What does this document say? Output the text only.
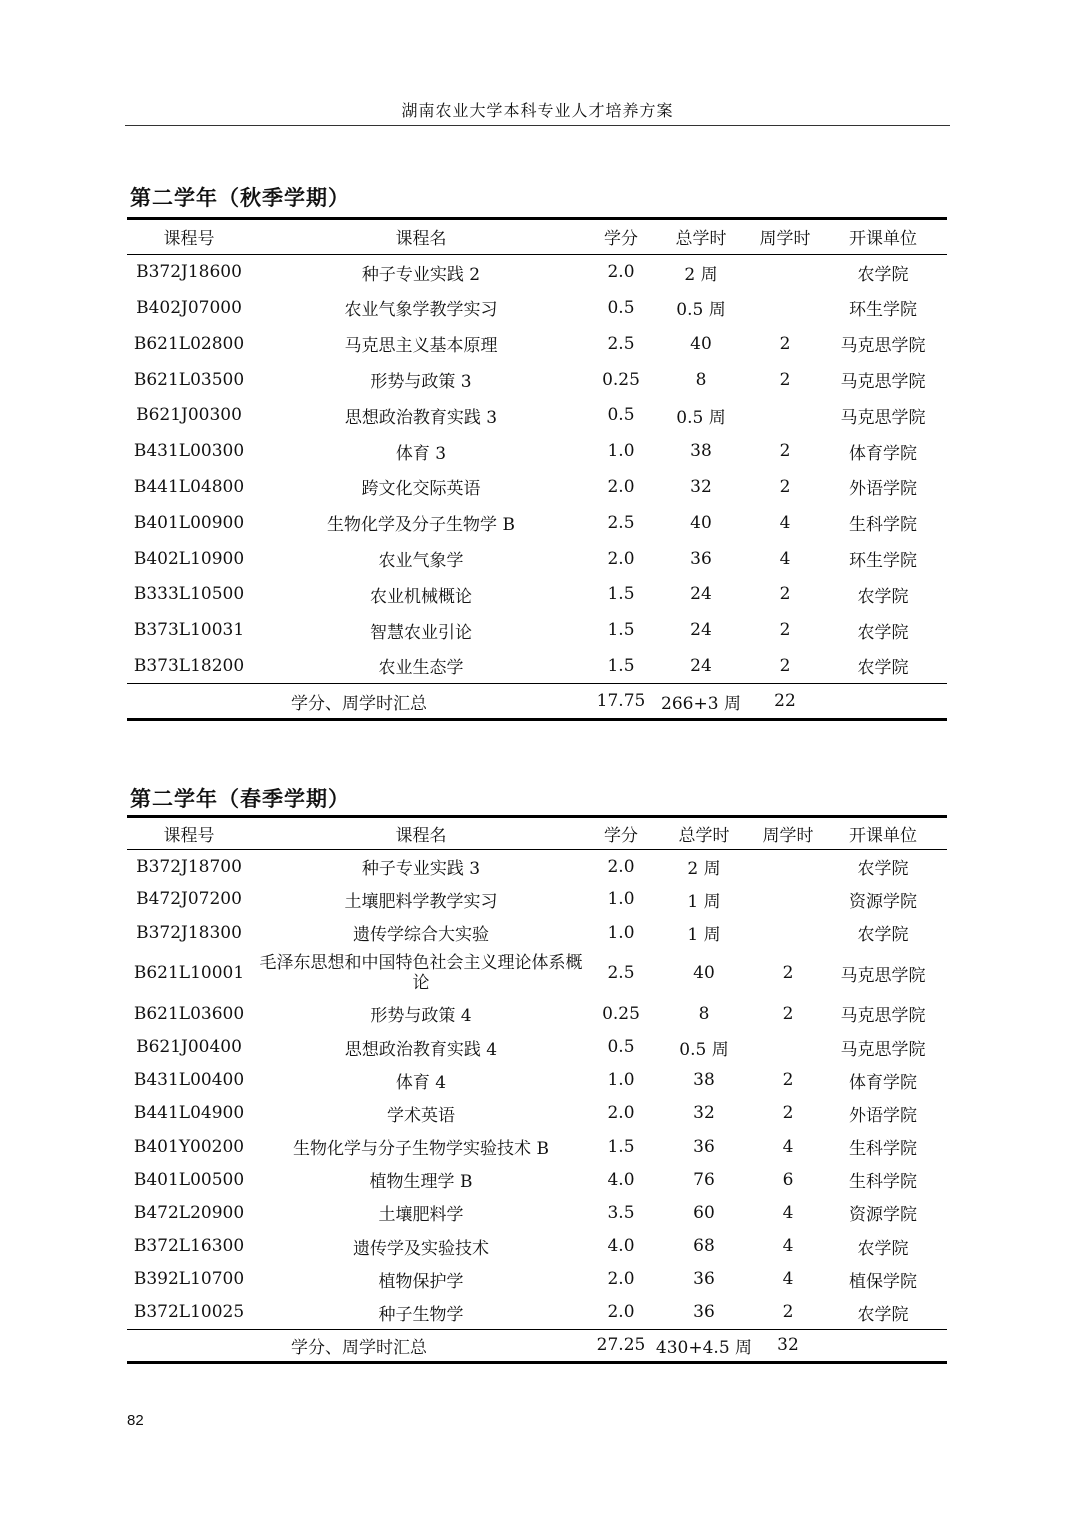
湖南农业大学本科专业人才培养方案
第二学年（秋季学期）
课程号	课程名	学分	总学时	周学时	开课单位
B372J18600	种子专业实践 2	2.0	2 周		农学院
B402J07000	农业气象学教学实习	0.5	0.5 周		环生学院
B621L02800	马克思主义基本原理	2.5	40	2	马克思学院
B621L03500	形势与政策 3	0.25	8	2	马克思学院
B621J00300	思想政治教育实践 3	0.5	0.5 周		马克思学院
B431L00300	体育 3	1.0	38	2	体育学院
B441L04800	跨文化交际英语	2.0	32	2	外语学院
B401L00900	生物化学及分子生物学 B	2.5	40	4	生科学院
B402L10900	农业气象学	2.0	36	4	环生学院
B333L10500	农业机械概论	1.5	24	2	农学院
B373L10031	智慧农业引论	1.5	24	2	农学院
B373L18200	农业生态学	1.5	24	2	农学院
学分、周学时汇总		17.75	266+3 周	22	
第二学年（春季学期）
课程号	课程名	学分	总学时	周学时	开课单位
B372J18700	种子专业实践 3	2.0	2 周		农学院
B472J07200	土壤肥料学教学实习	1.0	1 周		资源学院
B372J18300	遗传学综合大实验	1.0	1 周		农学院
B621L10001	毛泽东思想和中国特色社会主义理论体系概论	2.5	40	2	马克思学院
B621L03600	形势与政策 4	0.25	8	2	马克思学院
B621J00400	思想政治教育实践 4	0.5	0.5 周		马克思学院
B431L00400	体育 4	1.0	38	2	体育学院
B441L04900	学术英语	2.0	32	2	外语学院
B401Y00200	生物化学与分子生物学实验技术 B	1.5	36	4	生科学院
B401L00500	植物生理学 B	4.0	76	6	生科学院
B472L20900	土壤肥料学	3.5	60	4	资源学院
B372L16300	遗传学及实验技术	4.0	68	4	农学院
B392L10700	植物保护学	2.0	36	4	植保学院
B372L10025	种子生物学	2.0	36	2	农学院
学分、周学时汇总		27.25	430+4.5 周	32	
82
